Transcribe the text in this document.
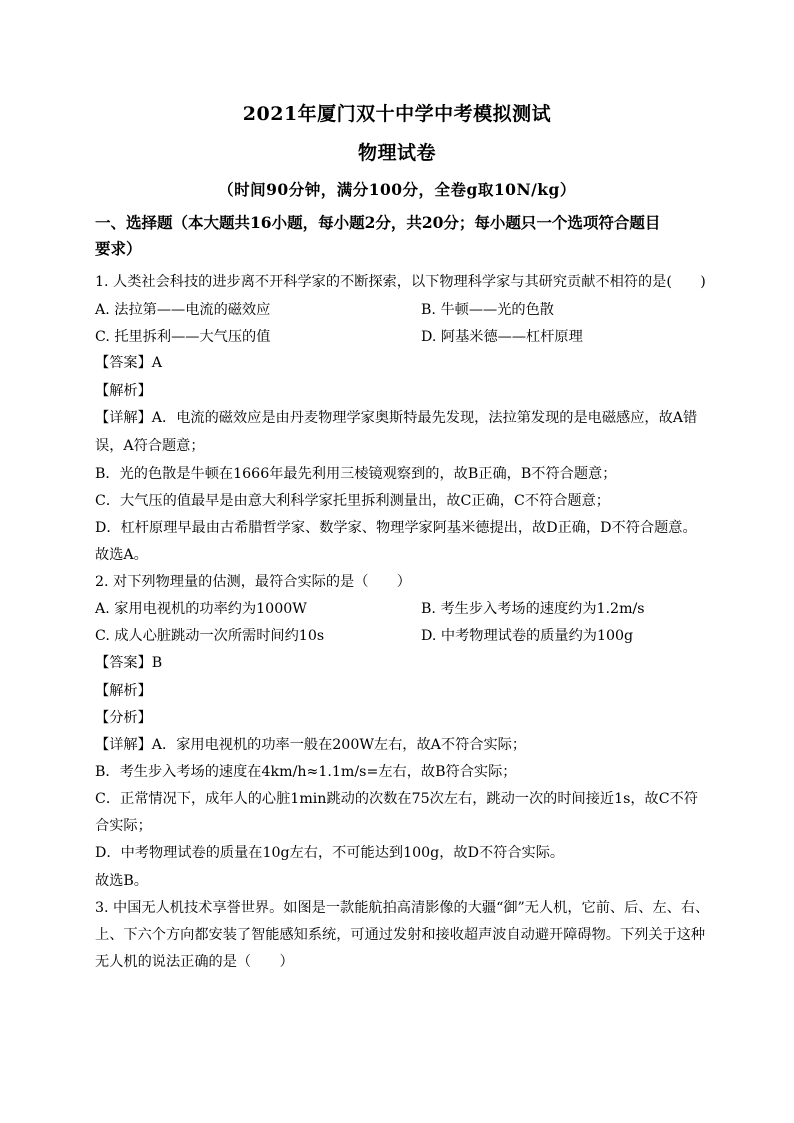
2021年厦门双十中学中考模拟测试
物理试卷
（时间90分钟，满分100分，全卷g取10N/kg）
一、选择题（本大题共16小题，每小题2分，共20分；每小题只一个选项符合题目
要求）
1. 人类社会科技的进步离不开科学家的不断探索，以下物理科学家与其研究贡献不相符的是(　　)
A. 法拉第——电流的磁效应	B. 牛顿——光的色散
C. 托里拆利——大气压的值	D. 阿基米德——杠杆原理
【答案】A
【解析】
【详解】A．电流的磁效应是由丹麦物理学家奥斯特最先发现，法拉第发现的是电磁感应，故A错
误，A符合题意；
B．光的色散是牛顿在1666年最先利用三棱镜观察到的，故B正确，B不符合题意；
C．大气压的值最早是由意大利科学家托里拆利测量出，故C正确，C不符合题意；
D．杠杆原理早最由古希腊哲学家、数学家、物理学家阿基米德提出，故D正确，D不符合题意。
故选A。
2. 对下列物理量的估测，最符合实际的是（　　）
A. 家用电视机的功率约为1000W	B. 考生步入考场的速度约为1.2m/s
C. 成人心脏跳动一次所需时间约10s	D. 中考物理试卷的质量约为100g
【答案】B
【解析】
【分析】
【详解】A．家用电视机的功率一般在200W左右，故A不符合实际；
B．考生步入考场的速度在4km/h≈1.1m/s=左右，故B符合实际；
C．正常情况下，成年人的心脏1min跳动的次数在75次左右，跳动一次的时间接近1s，故C不符
合实际；
D．中考物理试卷的质量在10g左右，不可能达到100g，故D不符合实际。
故选B。
3. 中国无人机技术享誉世界。如图是一款能航拍高清影像的大疆“御”无人机，它前、后、左、右、
上、下六个方向都安装了智能感知系统，可通过发射和接收超声波自动避开障碍物。下列关于这种
无人机的说法正确的是（　　）
